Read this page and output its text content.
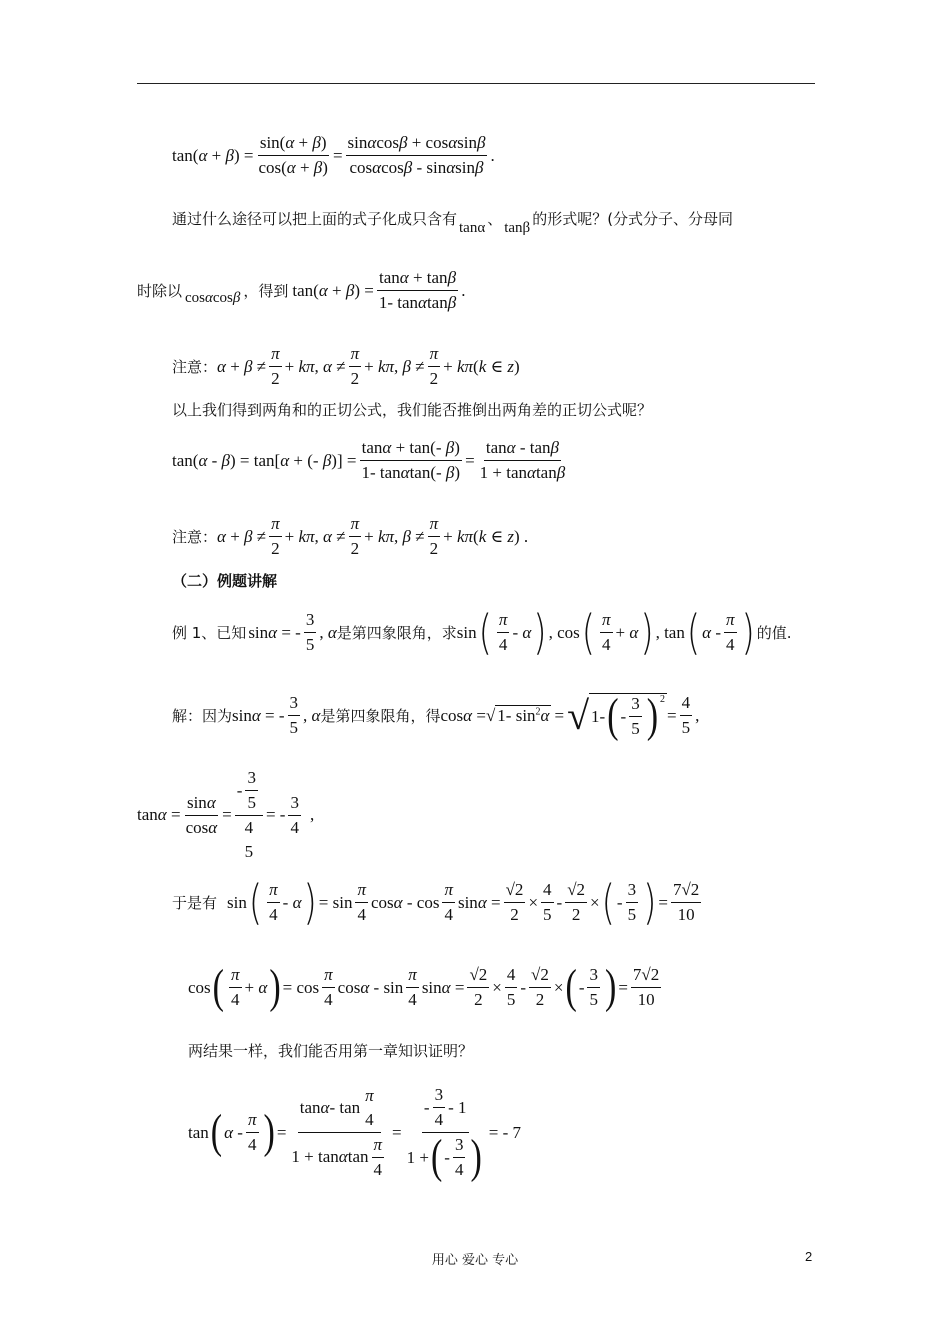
$\tan(\alpha + \beta) = \frac{\sin(\alpha + \beta)}{\cos(\alpha + \beta)} = \frac{\sin\alpha\cos\beta + \cos\alpha\sin\beta}{\cos\alpha\cos\beta - \sin\alpha\sin\beta}$ .
通过什么途径可以把上面的式子化成只含有 tanα 、 tanβ 的形式呢？(分式分子、分母同
时除以 cosαcosβ ，得到 $\tan(\alpha + \beta) = \frac{\tan\alpha + \tan\beta}{1- \tan\alpha\tan\beta}$ .
注意： $\alpha + \beta \ne \frac{\pi}{2} + k\pi$, $\alpha \ne \frac{\pi}{2} + k\pi$, $\beta \ne \frac{\pi}{2} + k\pi(k$ ∈ z)
以上我们得到两角和的正切公式，我们能否推倒出两角差的正切公式呢？
tan(α - β) = tan[α + (- $\beta)] = \frac{\tan\alpha + \tan(- \beta)}{1- \tan\alpha\tan(- \beta)} = \frac{\tan\alpha - \tan\beta}{1 + \tan\alpha\tan\beta}$
注意： $\alpha + \beta \ne \frac{\pi}{2} + k\pi$, $\alpha \ne \frac{\pi}{2} + k\pi$, $\beta \ne \frac{\pi}{2} + k\pi(k$ ∈ z) .
（二）例题讲解
例 1、已知 sinα = - $\frac{3}{5}$ , α 是第四象限角，求 sin ( $\frac{\pi}{4}$ - α ) , cos ( $\frac{\pi}{4} + \alpha$ ) , tan ( α - $\frac{\pi}{4}$ ) 的值.
解：因为 sinα = - $\frac{3}{5}$ , α 是第四象限角，得 cosα = √ 1- $\sin^2\alpha$ = √ 1- ( - $\frac{3}{5} )^2$
= $\frac{4}{5}$ ,
$\tan\alpha = \frac{\sin\alpha}{\cos\alpha}$ = - $\frac{3}{5}$
4
5 = - $\frac{3}{4}$ ,
于是有 sin ( $\frac{\pi}{4}$ - α ) = $\sin \frac{\pi}{4}$ cosα - $\cos \frac{\pi}{4}$ $\sin\alpha = \frac{√2}{2} \times \frac{4}{5} - \frac{√2}{2}$ × ( - $\frac{3}{5}$ ) = $\frac{7√2}{10}$
cos ( $\frac{\pi}{4} + \alpha$ ) = $\cos \frac{\pi}{4}$ cosα - $\sin \frac{\pi}{4}$ $\sin\alpha = \frac{√2}{2} \times \frac{4}{5} - \frac{√2}{2}$ × ( - $\frac{3}{5}$ ) = $\frac{7√2}{10}$
两结果一样，我们能否用第一章知识证明？
tan ( α - $\frac{\pi}{4}$ ) = tan α - tan
π
4
1 + tan α $\tan \frac{\pi}{4} = \frac{- \frac{3}{4} - 1}{1 + ( - \frac{3}{4} )}$ = - 7
用心 爱心 专心	2
